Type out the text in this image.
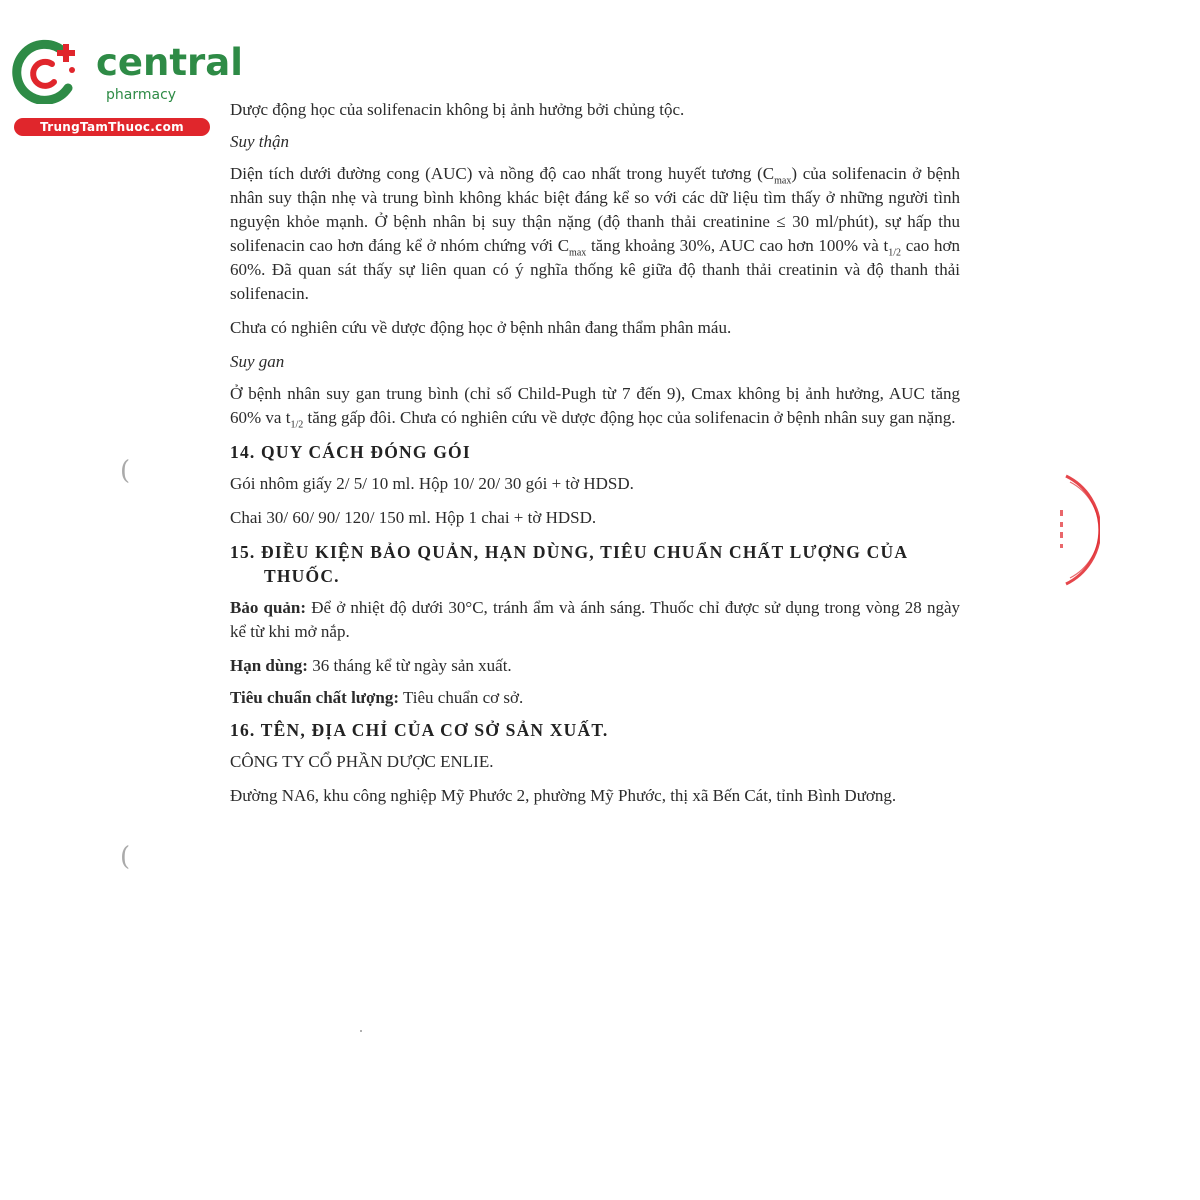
central
pharmacy
TrungTamThuoc.com

Dược động học của solifenacin không bị ảnh hưởng bởi chủng tộc.

Suy thận

Diện tích dưới đường cong (AUC) và nồng độ cao nhất trong huyết tương $(C_{max})$ của solifenacin ở bệnh nhân suy thận nhẹ và trung bình không khác biệt đáng kể so với các dữ liệu tìm thấy ở những người tình nguyện khỏe mạnh. Ở bệnh nhân bị suy thận nặng (độ thanh thải creatinine ≤ 30 ml/phút), sự hấp thu solifenacin cao hơn đáng kể ở nhóm chứng với $C_{max}$ tăng khoảng 30%, AUC cao hơn 100% và $t_{1/2}$ cao hơn 60%. Đã quan sát thấy sự liên quan có ý nghĩa thống kê giữa độ thanh thải creatinin và độ thanh thải solifenacin.

Chưa có nghiên cứu về dược động học ở bệnh nhân đang thẩm phân máu.

Suy gan

Ở bệnh nhân suy gan trung bình (chỉ số Child-Pugh từ 7 đến 9), Cmax không bị ảnh hưởng, AUC tăng 60% va $t_{1/2}$ tăng gấp đôi. Chưa có nghiên cứu về dược động học của solifenacin ở bệnh nhân suy gan nặng.

14. QUY CÁCH ĐÓNG GÓI

Gói nhôm giấy 2/ 5/ 10 ml. Hộp 10/ 20/ 30 gói + tờ HDSD.

Chai 30/ 60/ 90/ 120/ 150 ml. Hộp 1 chai + tờ HDSD.

15. ĐIỀU KIỆN BẢO QUẢN, HẠN DÙNG, TIÊU CHUẨN CHẤT LƯỢNG CỦA
THUỐC.

Bảo quản: Để ở nhiệt độ dưới 30°C, tránh ẩm và ánh sáng. Thuốc chỉ được sử dụng trong vòng 28 ngày kể từ khi mở nắp.

Hạn dùng: 36 tháng kể từ ngày sản xuất.

Tiêu chuẩn chất lượng: Tiêu chuẩn cơ sở.

16. TÊN, ĐỊA CHỈ CỦA CƠ SỞ SẢN XUẤT.

CÔNG TY CỔ PHẦN DƯỢC ENLIE.

Đường NA6, khu công nghiệp Mỹ Phước 2, phường Mỹ Phước, thị xã Bến Cát, tỉnh Bình Dương.

(
(
